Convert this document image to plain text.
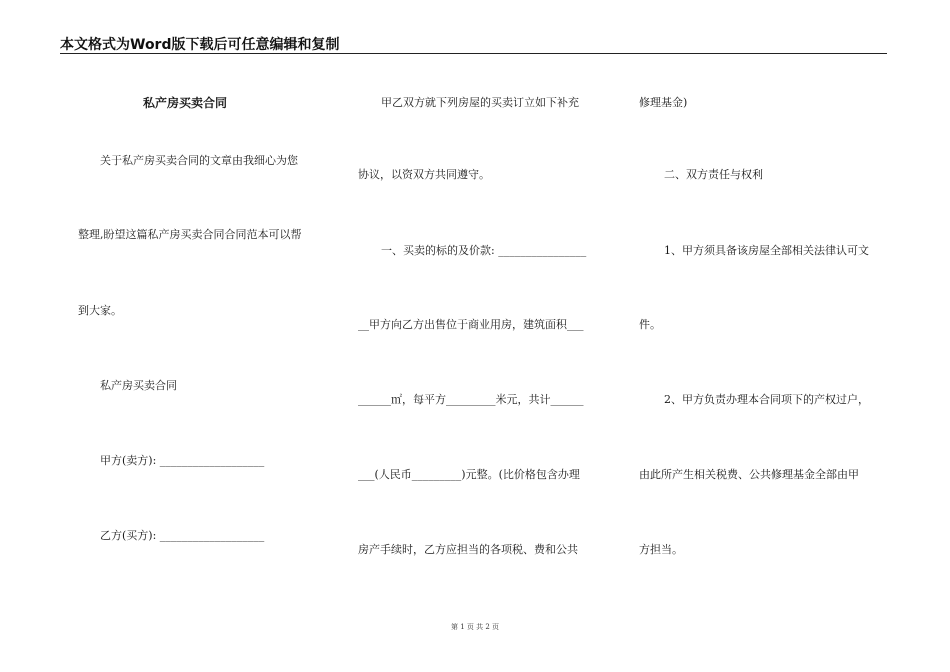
本文格式为Word版下载后可任意编辑和复制
私产房买卖合同
关于私产房买卖合同的文章由我细心为您
整理,盼望这篇私产房买卖合同合同范本可以帮
到大家。
私产房买卖合同
甲方(卖方): ___________________
乙方(买方): ___________________
甲乙双方就下列房屋的买卖订立如下补充
协议，以资双方共同遵守。
一、买卖的标的及价款: ________________
__甲方向乙方出售位于商业用房，建筑面积___
______㎡，每平方_________米元，共计______
___(人民币_________)元整。(比价格包含办理
房产手续时，乙方应担当的各项税、费和公共
修理基金)
二、双方责任与权利
1、甲方须具备该房屋全部相关法律认可文
件。
2、甲方负责办理本合同项下的产权过户，
由此所产生相关税费、公共修理基金全部由甲
方担当。
第 1 页 共 2 页
